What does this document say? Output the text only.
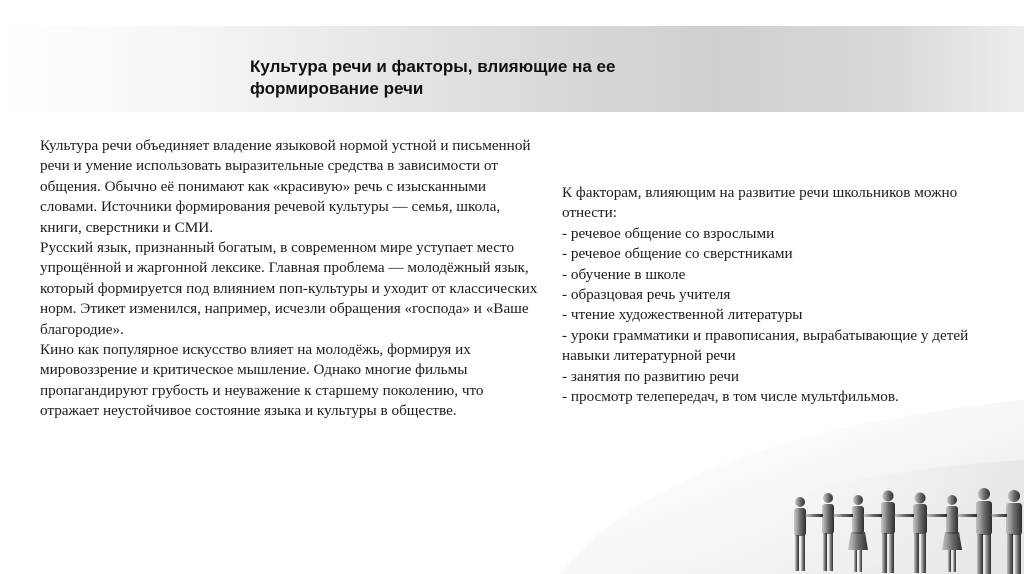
Культура речи и факторы, влияющие на ее формирование речи
Культура речи объединяет владение языковой нормой устной и письменной речи и умение использовать выразительные средства в зависимости от общения. Обычно её понимают как «красивую» речь с изысканными словами. Источники формирования речевой культуры — семья, школа, книги, сверстники и СМИ.
Русский язык, признанный богатым, в современном мире уступает место упрощённой и жаргонной лексике. Главная проблема — молодёжный язык, который формируется под влиянием поп-культуры и уходит от классических норм. Этикет изменился, например, исчезли обращения «господа» и «Ваше благородие».
Кино как популярное искусство влияет на молодёжь, формируя их мировоззрение и критическое мышление. Однако многие фильмы пропагандируют грубость и неуважение к старшему поколению, что отражает неустойчивое состояние языка и культуры в обществе.
К факторам, влияющим на развитие речи школьников можно отнести:
- речевое общение со взрослыми
- речевое общение со сверстниками
- обучение в школе
- образцовая речь учителя
- чтение художественной литературы
- уроки грамматики и правописания, вырабатывающие у детей навыки литературной речи
- занятия по развитию речи
- просмотр телепередач, в том числе мультфильмов.
